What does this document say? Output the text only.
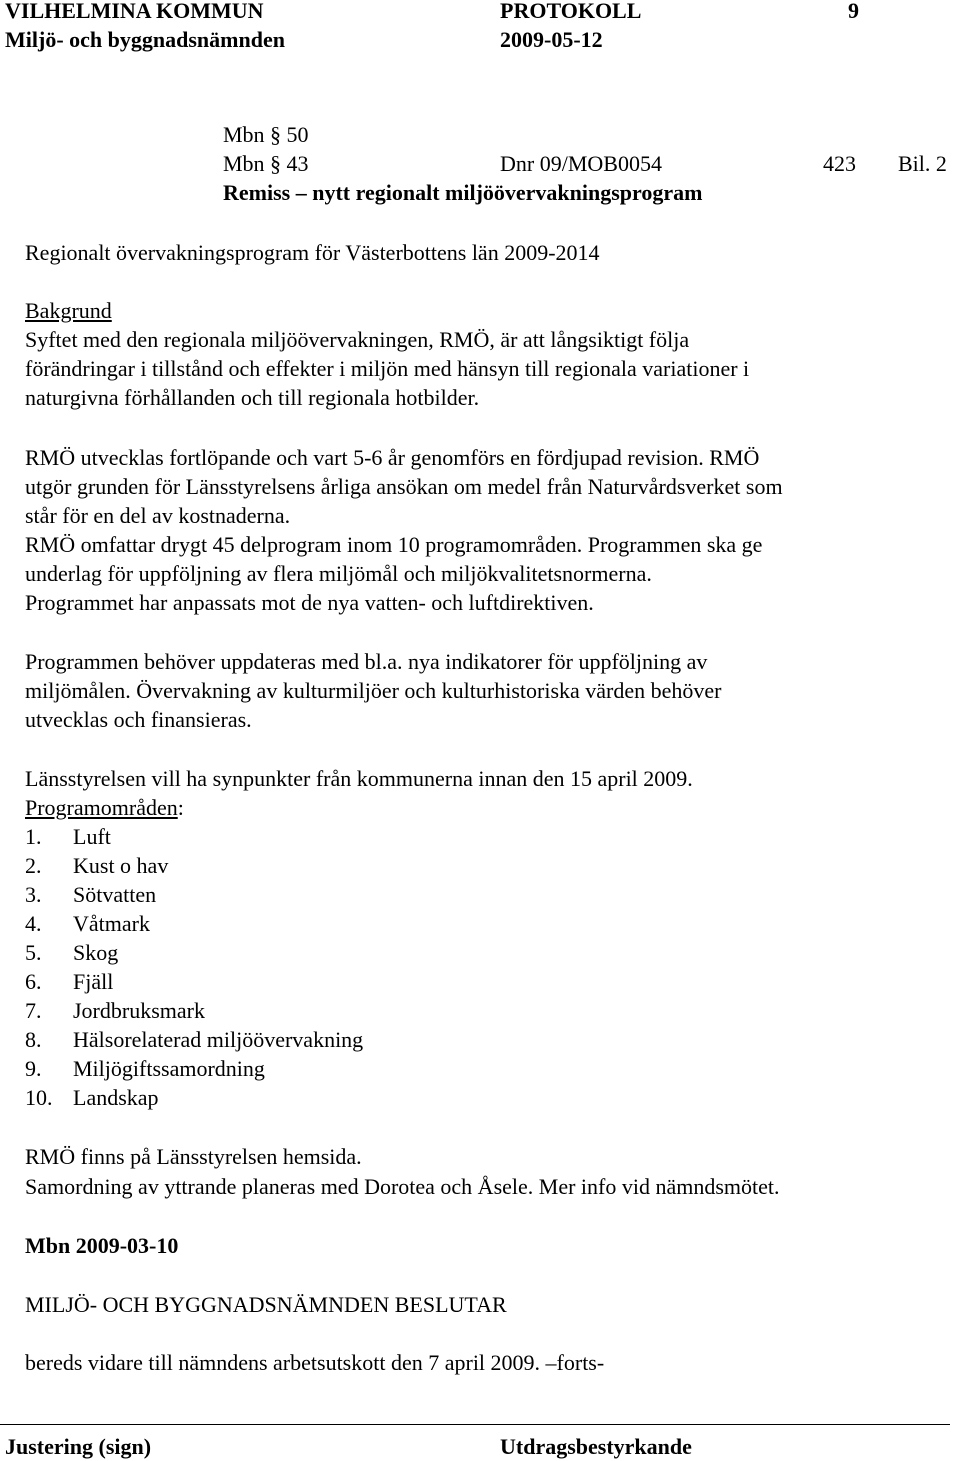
VILHELMINA KOMMUN	PROTOKOLL	9
Miljö- och byggnadsnämnden	2009-05-12
Mbn § 50
Mbn § 43	Dnr 09/MOB0054	423 Bil. 2
Remiss – nytt regionalt miljöövervakningsprogram
Regionalt övervakningsprogram för Västerbottens län 2009-2014
Bakgrund
Syftet med den regionala miljöövervakningen, RMÖ, är att långsiktigt följa
förändringar i tillstånd och effekter i miljön med hänsyn till regionala variationer i
naturgivna förhållanden och till regionala hotbilder.
RMÖ utvecklas fortlöpande och vart 5-6 år genomförs en fördjupad revision. RMÖ
utgör grunden för Länsstyrelsens årliga ansökan om medel från Naturvårdsverket som
står för en del av kostnaderna.
RMÖ omfattar drygt 45 delprogram inom 10 programområden. Programmen ska ge
underlag för uppföljning av flera miljömål och miljökvalitetsnormerna.
Programmet har anpassats mot de nya vatten- och luftdirektiven.
Programmen behöver uppdateras med bl.a. nya indikatorer för uppföljning av
miljömålen. Övervakning av kulturmiljöer och kulturhistoriska värden behöver
utvecklas och finansieras.
Länsstyrelsen vill ha synpunkter från kommunerna innan den 15 april 2009.
Programområden:
1. Luft
2. Kust o hav
3. Sötvatten
4. Våtmark
5. Skog
6. Fjäll
7. Jordbruksmark
8. Hälsorelaterad miljöövervakning
9. Miljögiftssamordning
10. Landskap
RMÖ finns på Länsstyrelsen hemsida.
Samordning av yttrande planeras med Dorotea och Åsele. Mer info vid nämndsmötet.
Mbn 2009-03-10
MILJÖ- OCH BYGGNADSNÄMNDEN BESLUTAR
bereds vidare till nämndens arbetsutskott den 7 april 2009. –forts-
Justering (sign)	Utdragsbestyrkande
